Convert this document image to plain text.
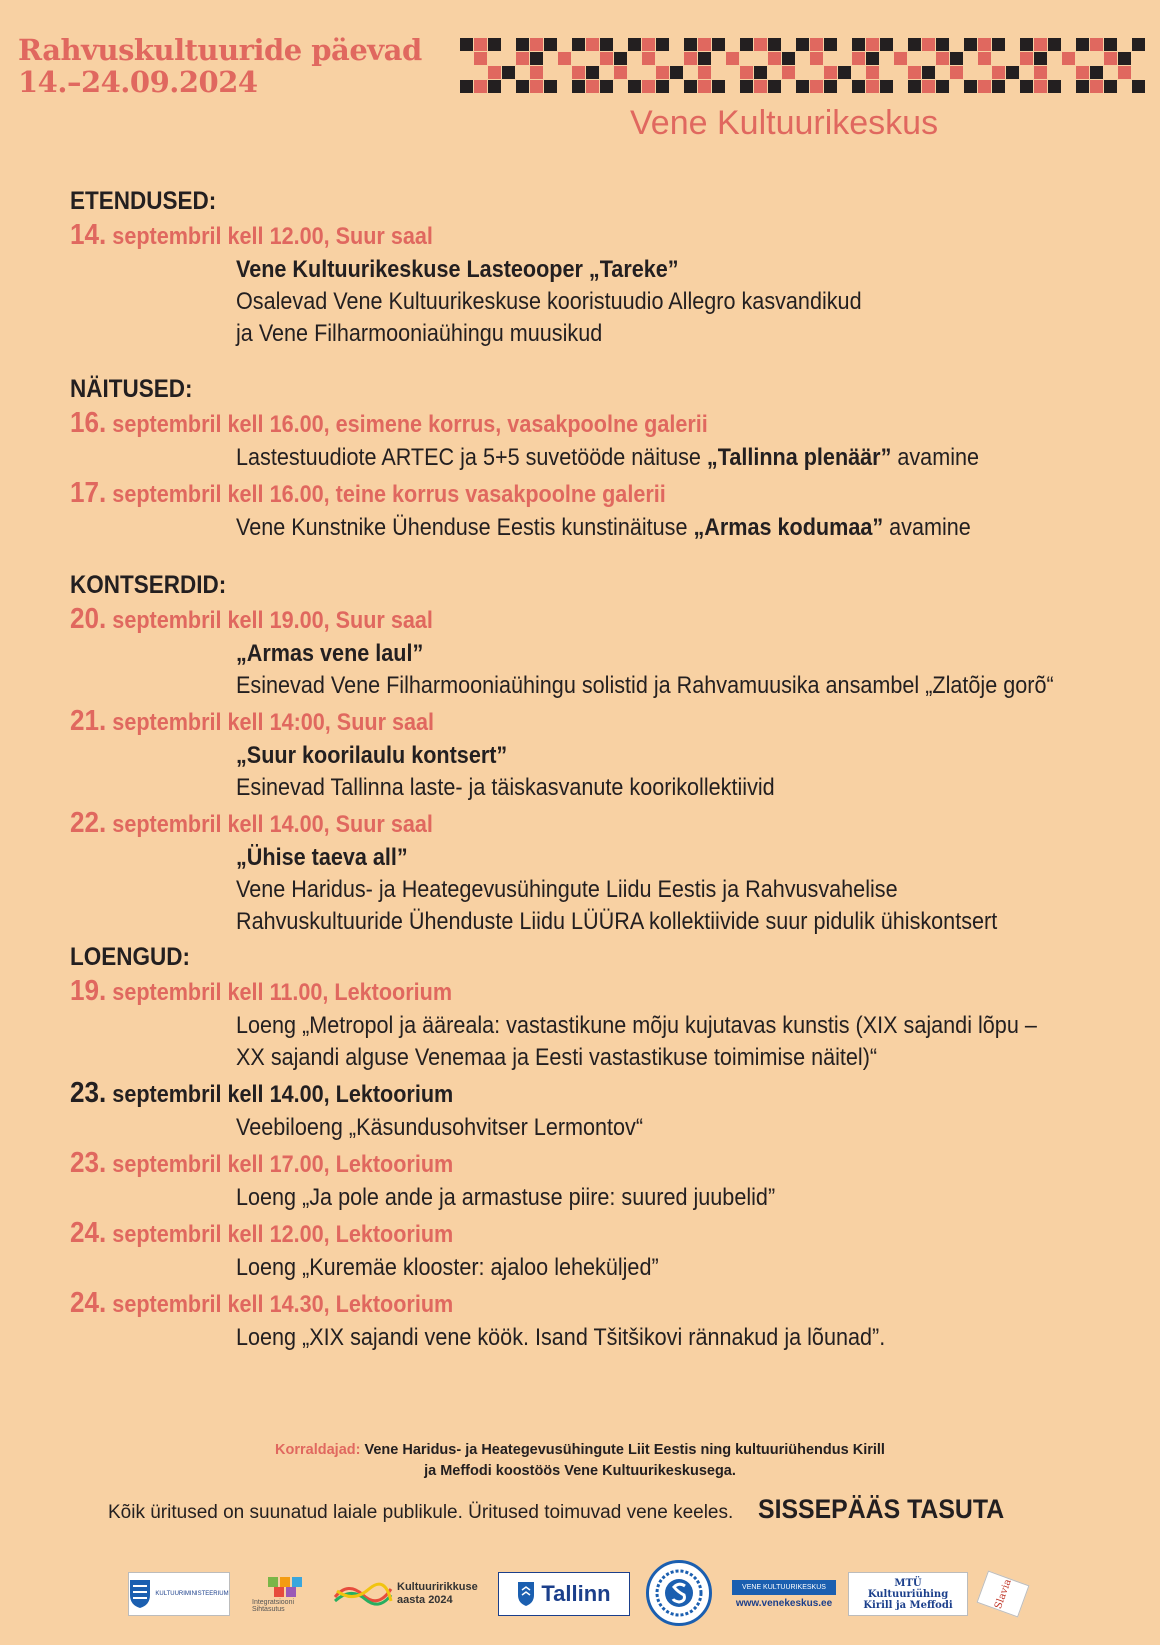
Rahvuskultuuride päevad
14.–24.09.2024
Vene Kultuurikeskus
ETENDUSED:
14. septembril kell 12.00, Suur saal
Vene Kultuurikeskuse Lasteooper „Tareke”
Osalevad Vene Kultuurikeskuse kooristuudio Allegro kasvandikud
ja Vene Filharmooniaühingu muusikud
NÄITUSED:
16. septembril kell 16.00, esimene korrus, vasakpoolne galerii
Lastestuudiote ARTEC ja 5+5 suvetööde näituse „Tallinna plenäär” avamine
17. septembril kell 16.00, teine korrus vasakpoolne galerii
Vene Kunstnike Ühenduse Eestis kunstinäituse „Armas kodumaa” avamine
KONTSERDID:
20. septembril kell 19.00, Suur saal
„Armas vene laul”
Esinevad Vene Filharmooniaühingu solistid ja Rahvamuusika ansambel „Zlatõje gorõ“
21. septembril kell 14:00, Suur saal
„Suur koorilaulu kontsert”
Esinevad Tallinna laste- ja täiskasvanute koorikollektiivid
22. septembril kell 14.00, Suur saal
„Ühise taeva all”
Vene Haridus- ja Heategevusühingute Liidu Eestis ja Rahvusvahelise
Rahvuskultuuride Ühenduste Liidu LÜÜRA kollektiivide suur pidulik ühiskontsert
LOENGUD:
19. septembril kell 11.00, Lektoorium
Loeng „Metropol ja ääreala: vastastikune mõju kujutavas kunstis (XIX sajandi lõpu –
XX sajandi alguse Venemaa ja Eesti vastastikuse toimimise näitel)“
23. septembril kell 14.00, Lektoorium
Veebiloeng „Käsundusohvitser Lermontov“
23. septembril kell 17.00, Lektoorium
Loeng „Ja pole ande ja armastuse piire: suured juubelid”
24. septembril kell 12.00, Lektoorium
Loeng „Kuremäe klooster: ajaloo leheküljed”
24. septembril kell 14.30, Lektoorium
Loeng „XIX sajandi vene köök. Isand Tšitšikovi rännakud ja lõunad”.
Korraldajad: Vene Haridus- ja Heategevusühingute Liit Eestis ning kultuuriühendus Kirill
ja Meffodi koostöös Vene Kultuurikeskusega.
Kõik üritused on suunatud laiale publikule. Üritused toimuvad vene keeles. SISSEPÄÄS TASUTA
KULTUURIMINISTEERIUM
Integratsiooni Sihtasutus
Kultuuririkkuse aasta 2024	Tallinn	VENE KULTUURIKESKUS
www.venekeskus.ee
MTÜ Kultuuriühing Kirill ja Meffodi	Slavia
